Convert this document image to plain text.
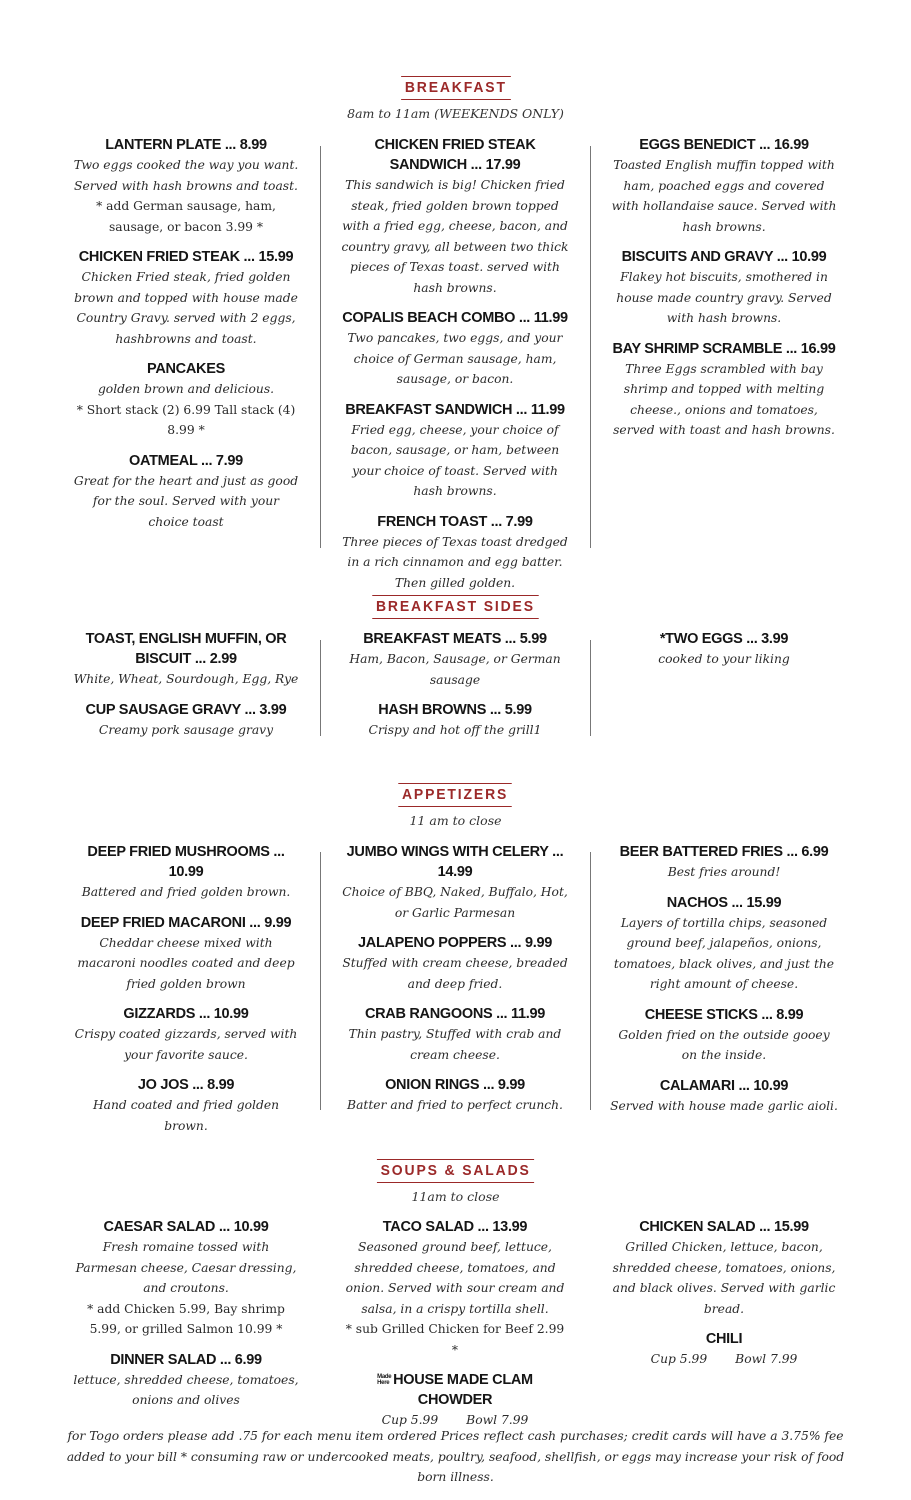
BREAKFAST
8am to 11am (WEEKENDS ONLY)
LANTERN PLATE ... 8.99
Two eggs cooked the way you want. Served with hash browns and toast.
* add German sausage, ham, sausage, or bacon 3.99 *
CHICKEN FRIED STEAK ... 15.99
Chicken Fried steak, fried golden brown and topped with house made Country Gravy. served with 2 eggs, hashbrowns and toast.
PANCAKES
golden brown and delicious.
* Short stack (2) 6.99 Tall stack (4) 8.99 *
OATMEAL ... 7.99
Great for the heart and just as good for the soul. Served with your choice toast
CHICKEN FRIED STEAK SANDWICH ... 17.99
This sandwich is big! Chicken fried steak, fried golden brown topped with a fried egg, cheese, bacon, and country gravy, all between two thick pieces of Texas toast. served with hash browns.
COPALIS BEACH COMBO ... 11.99
Two pancakes, two eggs, and your choice of German sausage, ham, sausage, or bacon.
BREAKFAST SANDWICH ... 11.99
Fried egg, cheese, your choice of bacon, sausage, or ham, between your choice of toast. Served with hash browns.
FRENCH TOAST ... 7.99
Three pieces of Texas toast dredged in a rich cinnamon and egg batter. Then gilled golden.
EGGS BENEDICT ... 16.99
Toasted English muffin topped with ham, poached eggs and covered with hollandaise sauce. Served with hash browns.
BISCUITS AND GRAVY ... 10.99
Flakey hot biscuits, smothered in house made country gravy. Served with hash browns.
BAY SHRIMP SCRAMBLE ... 16.99
Three Eggs scrambled with bay shrimp and topped with melting cheese., onions and tomatoes, served with toast and hash browns.
BREAKFAST SIDES
TOAST, ENGLISH MUFFIN, OR BISCUIT ... 2.99
White, Wheat, Sourdough, Egg, Rye
CUP SAUSAGE GRAVY ... 3.99
Creamy pork sausage gravy
BREAKFAST MEATS ... 5.99
Ham, Bacon, Sausage, or German sausage
HASH BROWNS ... 5.99
Crispy and hot off the grill1
*TWO EGGS ... 3.99
cooked to your liking
APPETIZERS
11 am to close
DEEP FRIED MUSHROOMS ... 10.99
Battered and fried golden brown.
DEEP FRIED MACARONI ... 9.99
Cheddar cheese mixed with macaroni noodles coated and deep fried golden brown
GIZZARDS ... 10.99
Crispy coated gizzards, served with your favorite sauce.
JO JOS ... 8.99
Hand coated and fried golden brown.
JUMBO WINGS WITH CELERY ... 14.99
Choice of BBQ, Naked, Buffalo, Hot, or Garlic Parmesan
JALAPENO POPPERS ... 9.99
Stuffed with cream cheese, breaded and deep fried.
CRAB RANGOONS ... 11.99
Thin pastry, Stuffed with crab and cream cheese.
ONION RINGS ... 9.99
Batter and fried to perfect crunch.
BEER BATTERED FRIES ... 6.99
Best fries around!
NACHOS ... 15.99
Layers of tortilla chips, seasoned ground beef, jalapeños, onions, tomatoes, black olives, and just the right amount of cheese.
CHEESE STICKS ... 8.99
Golden fried on the outside gooey on the inside.
CALAMARI ... 10.99
Served with house made garlic aioli.
SOUPS & SALADS
11am to close
CAESAR SALAD ... 10.99
Fresh romaine tossed with Parmesan cheese, Caesar dressing, and croutons.
* add Chicken 5.99, Bay shrimp 5.99, or grilled Salmon 10.99 *
DINNER SALAD ... 6.99
lettuce, shredded cheese, tomatoes, onions and olives
TACO SALAD ... 13.99
Seasoned ground beef, lettuce, shredded cheese, tomatoes, and onion. Served with sour cream and salsa, in a crispy tortilla shell.
* sub Grilled Chicken for Beef 2.99 *
Made Here HOUSE MADE CLAM CHOWDER
Cup 5.99 Bowl 7.99
CHICKEN SALAD ... 15.99
Grilled Chicken, lettuce, bacon, shredded cheese, tomatoes, onions, and black olives. Served with garlic bread.
CHILI
Cup 5.99 Bowl 7.99
for Togo orders please add .75 for each menu item ordered Prices reflect cash purchases; credit cards will have a 3.75% fee added to your bill * consuming raw or undercooked meats, poultry, seafood, shellfish, or eggs may increase your risk of food born illness.
